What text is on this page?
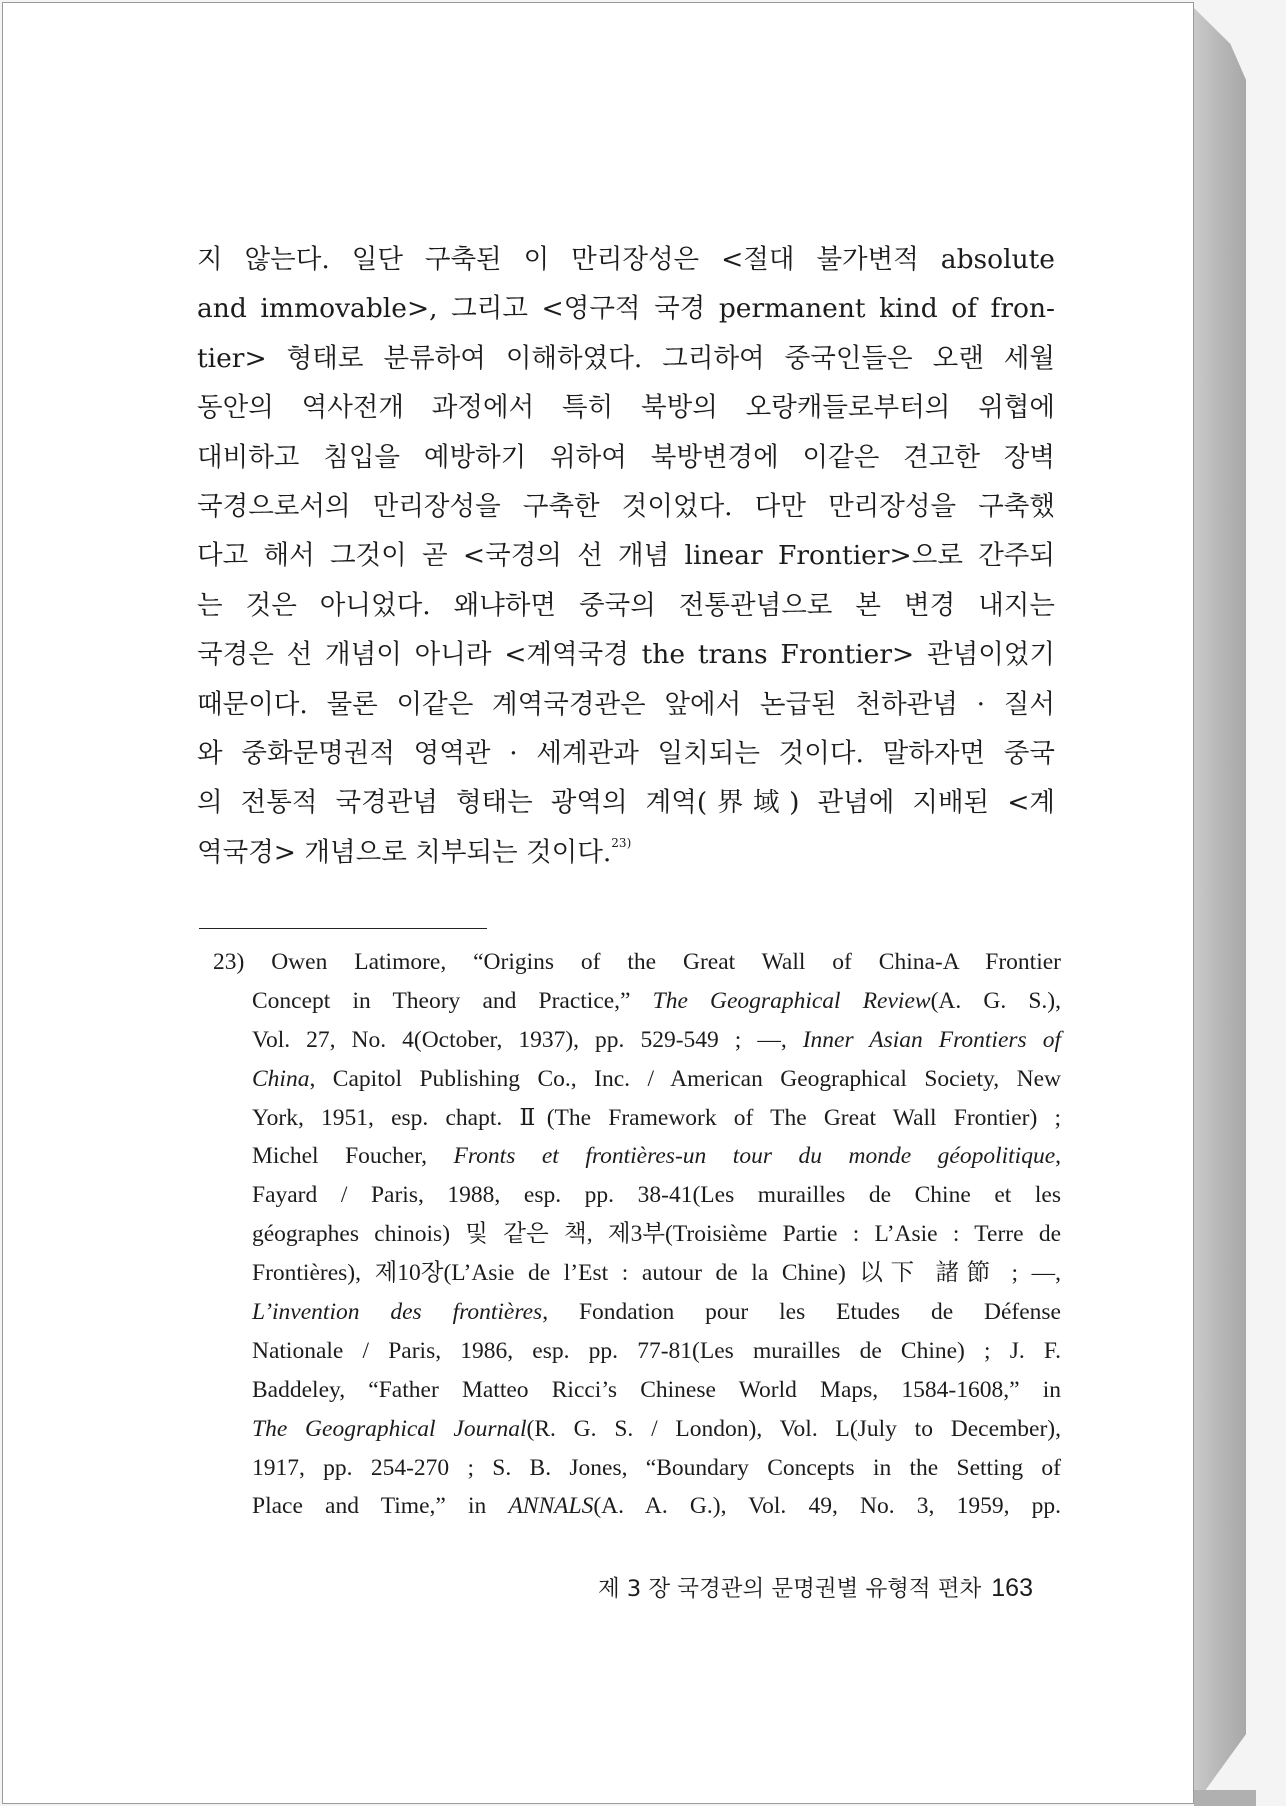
지 않는다. 일단 구축된 이 만리장성은 <절대 불가변적 absolute
and immovable>, 그리고 <영구적 국경 permanent kind of fron-
tier> 형태로 분류하여 이해하였다. 그리하여 중국인들은 오랜 세월
동안의 역사전개 과정에서 특히 북방의 오랑캐들로부터의 위협에
대비하고 침입을 예방하기 위하여 북방변경에 이같은 견고한 장벽
국경으로서의 만리장성을 구축한 것이었다. 다만 만리장성을 구축했
다고 해서 그것이 곧 <국경의 선 개념 linear Frontier>으로 간주되
는 것은 아니었다. 왜냐하면 중국의 전통관념으로 본 변경 내지는
국경은 선 개념이 아니라 <계역국경 the trans Frontier> 관념이었기
때문이다. 물론 이같은 계역국경관은 앞에서 논급된 천하관념 · 질서
와 중화문명권적 영역관 · 세계관과 일치되는 것이다. 말하자면 중국
의 전통적 국경관념 형태는 광역의 계역(界域) 관념에 지배된 <계
역국경> 개념으로 치부되는 것이다.$^{23)}$
23) Owen Latimore, “Origins of the Great Wall of China-A Frontier
Concept in Theory and Practice,” The Geographical Review(A. G. S.),
Vol. 27, No. 4(October, 1937), pp. 529-549 ; ―, Inner Asian Frontiers of
China, Capitol Publishing Co., Inc. / American Geographical Society, New
York, 1951, esp. chapt. Ⅱ(The Framework of The Great Wall Frontier) ;
Michel Foucher, Fronts et frontières-un tour du monde géopolitique,
Fayard / Paris, 1988, esp. pp. 38-41(Les murailles de Chine et les
géographes chinois) 및 같은 책, 제3부(Troisième Partie : L’Asie : Terre de
Frontières), 제10장(L’Asie de l’Est : autour de la Chine) 以下 諸節 ; ―,
L’invention des frontières, Fondation pour les Etudes de Défense
Nationale / Paris, 1986, esp. pp. 77-81(Les murailles de Chine) ; J. F.
Baddeley, “Father Matteo Ricci’s Chinese World Maps, 1584-1608,” in
The Geographical Journal(R. G. S. / London), Vol. L(July to December),
1917, pp. 254-270 ; S. B. Jones, “Boundary Concepts in the Setting of
Place and Time,” in ANNALS(A. A. G.), Vol. 49, No. 3, 1959, pp.
제 3 장 국경관의 문명권별 유형적 편차 163
